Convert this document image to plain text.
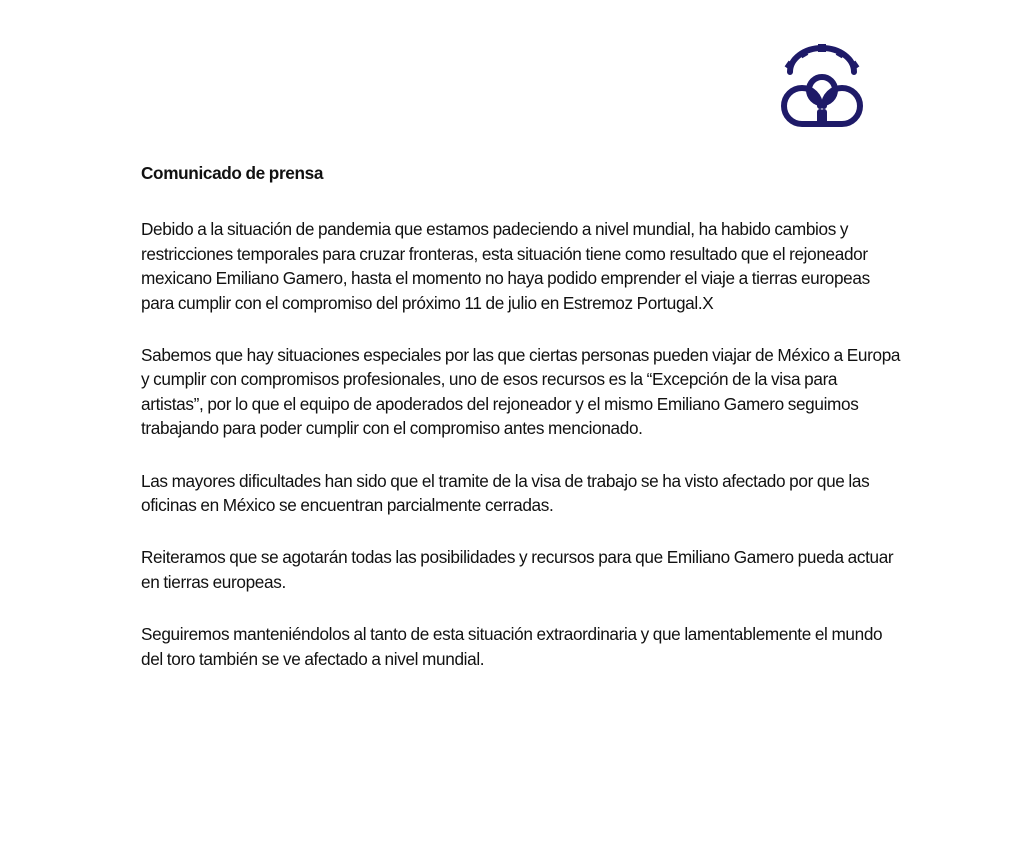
Comunicado de prensa
Debido a la situación de pandemia que estamos padeciendo a nivel mundial, ha habido cambios y restricciones temporales para cruzar fronteras, esta situación tiene como resultado que el rejoneador mexicano Emiliano Gamero, hasta el momento no haya podido emprender el viaje a tierras europeas para cumplir con el compromiso del próximo 11 de julio en Estremoz Portugal.X
Sabemos que hay situaciones especiales por las que ciertas personas pueden viajar de México a Europa y cumplir con compromisos profesionales, uno de esos recursos es la “Excepción de la visa para artistas”, por lo que el equipo de apoderados del rejoneador y el mismo Emiliano Gamero seguimos trabajando para poder cumplir con el compromiso antes mencionado.
Las mayores dificultades han sido que el tramite de la visa de trabajo se ha visto afectado por que las oficinas en México se encuentran parcialmente cerradas.
Reiteramos que se agotarán todas las posibilidades y recursos para que Emiliano Gamero pueda actuar en tierras europeas.
Seguiremos manteniéndolos al tanto de esta situación extraordinaria y que lamentablemente el mundo del toro también se ve afectado a nivel mundial.
